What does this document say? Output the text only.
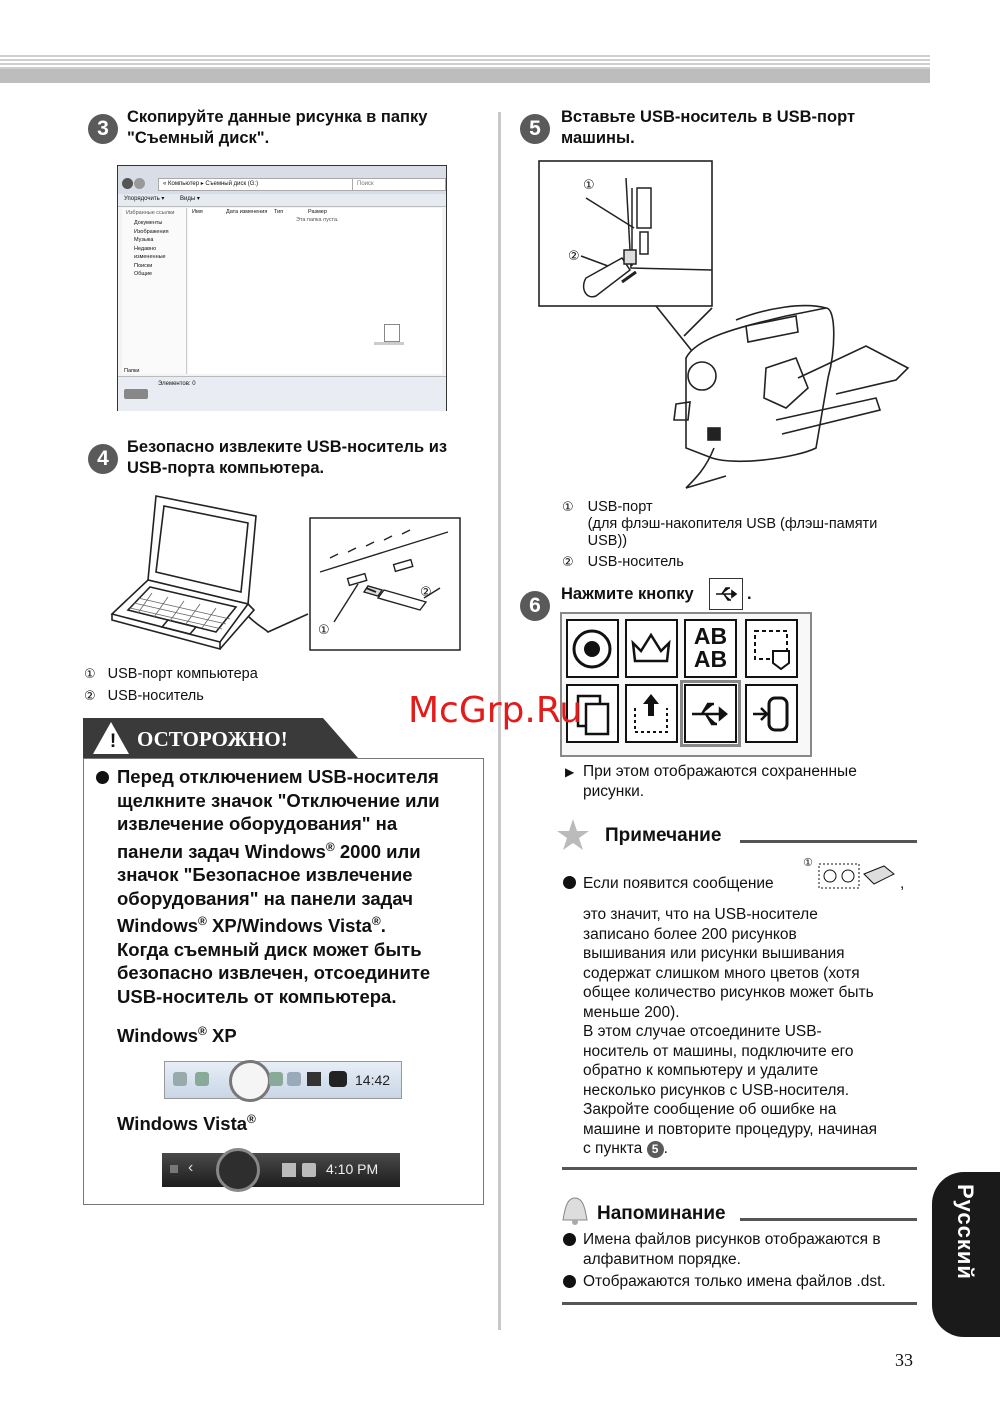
3	Скопируйте данные рисунка в папку
"Съемный диск".
« Компьютер ▸ Съемный диск (G:)	Поиск
Упорядочить ▾	Виды ▾
Избранные ссылки
Документы
Изображения
Музыка
Недавно измененные
Поиски
Общие
Папки
Имя	Дата изменения Тип	Размер
Эта папка пуста.
Элементов: 0
4	Безопасно извлеките USB-носитель из
USB-порта компьютера.
①
②
① USB-порт компьютера
② USB-носитель
! ОСТОРОЖНО!
Перед отключением USB-носителя
щелкните значок "Отключение или
извлечение оборудования" на
панели задач Windows® 2000 или
значок "Безопасное извлечение
оборудования" на панели задач
Windows® XP/Windows Vista®.
Когда съемный диск может быть
безопасно извлечен, отсоедините
USB-носитель от компьютера.
Windows® XP
14:42
Windows Vista®
‹	4:10 PM
5	Вставьте USB-носитель в USB-порт
машины.
①
②
① USB-порт
(для флэш-накопителя USB (флэш-памяти
USB))
② USB-носитель
6	Нажмите кнопку	.
AB
AB
▶ При этом отображаются сохраненные
рисунки.
McGrp.Ru
Примечание
Если появится сообщение
①
,
это значит, что на USB-носителе
записано более 200 рисунков
вышивания или рисунки вышивания
содержат слишком много цветов (хотя
общее количество рисунков может быть
меньше 200).
В этом случае отсоедините USB-
носитель от машины, подключите его
обратно к компьютеру и удалите
несколько рисунков с USB-носителя.
Закройте сообщение об ошибке на
машине и повторите процедуру, начиная
с пункта 5 .
Напоминание
Имена файлов рисунков отображаются в
алфавитном порядке.
Отображаются только имена файлов .dst.
Русский
33
